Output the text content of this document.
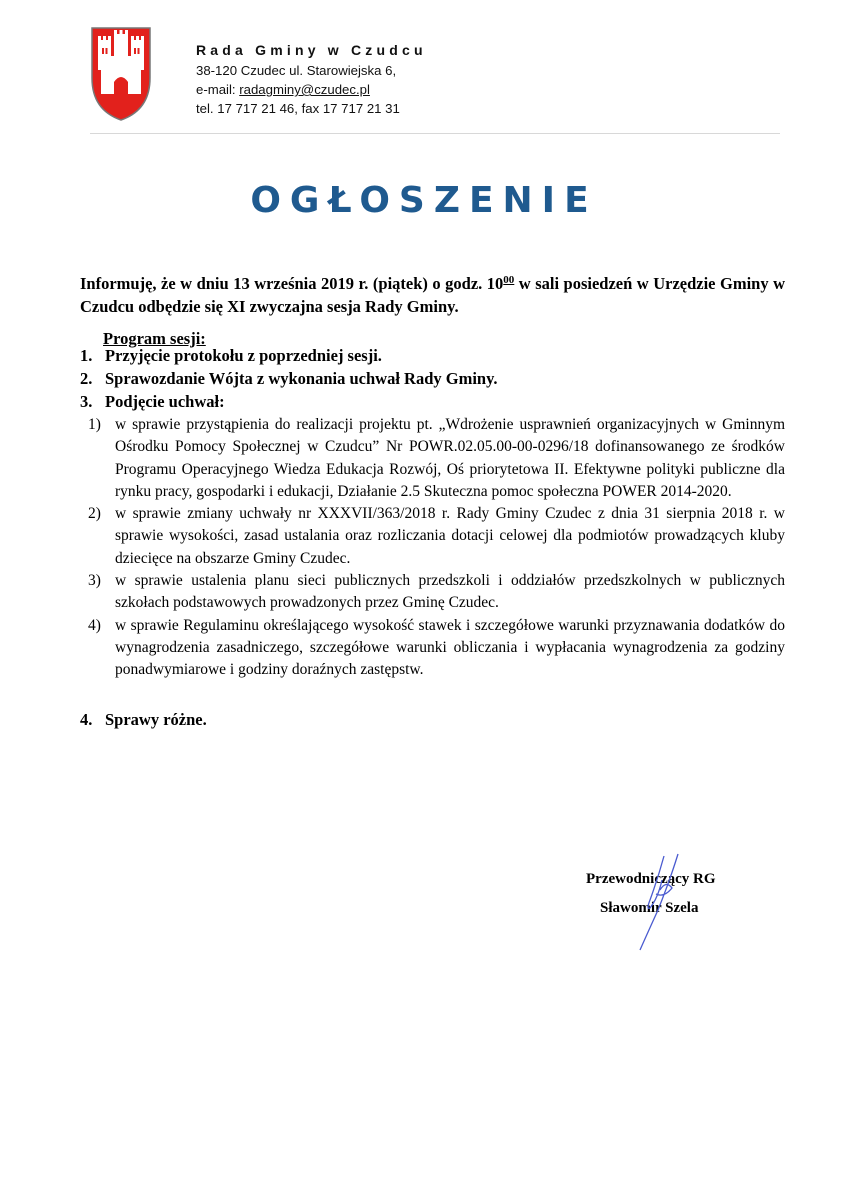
Rada Gminy w Czudcu

38-120 Czudec ul. Starowiejska 6,

e-mail: radagminy@czudec.pl

tel. 17 717 21 46, fax 17 717 21 31

OGŁOSZENIE
Informuję, że w dniu 13 września 2019 r. (piątek) o godz. $10^{00}$ w sali posiedzeń w Urzędzie Gminy w Czudcu odbędzie się XI zwyczajna sesja Rady Gminy.
Program sesji:
1. Przyjęcie protokołu z poprzedniej sesji.
2. Sprawozdanie Wójta z wykonania uchwał Rady Gminy.
3. Podjęcie uchwał:
1) w sprawie przystąpienia do realizacji projektu pt. „Wdrożenie usprawnień organizacyjnych w Gminnym Ośrodku Pomocy Społecznej w Czudcu” Nr POWR.02.05.00-00-0296/18 dofinansowanego ze środków Programu Operacyjnego Wiedza Edukacja Rozwój, Oś priorytetowa II. Efektywne polityki publiczne dla rynku pracy, gospodarki i edukacji, Działanie 2.5 Skuteczna pomoc społeczna POWER 2014-2020.
2) w sprawie zmiany uchwały nr XXXVII/363/2018 r. Rady Gminy Czudec z dnia 31 sierpnia 2018 r. w sprawie wysokości, zasad ustalania oraz rozliczania dotacji celowej dla podmiotów prowadzących kluby dziecięce na obszarze Gminy Czudec.
3) w sprawie ustalenia planu sieci publicznych przedszkoli i oddziałów przedszkolnych w publicznych szkołach podstawowych prowadzonych przez Gminę Czudec.
4) w sprawie Regulaminu określającego wysokość stawek i szczegółowe warunki przyznawania dodatków do wynagrodzenia zasadniczego, szczegółowe warunki obliczania i wypłacania wynagrodzenia za godziny ponadwymiarowe i godziny doraźnych zastępstw.
4. Sprawy różne.
Przewodniczący RG
Sławomir Szela
